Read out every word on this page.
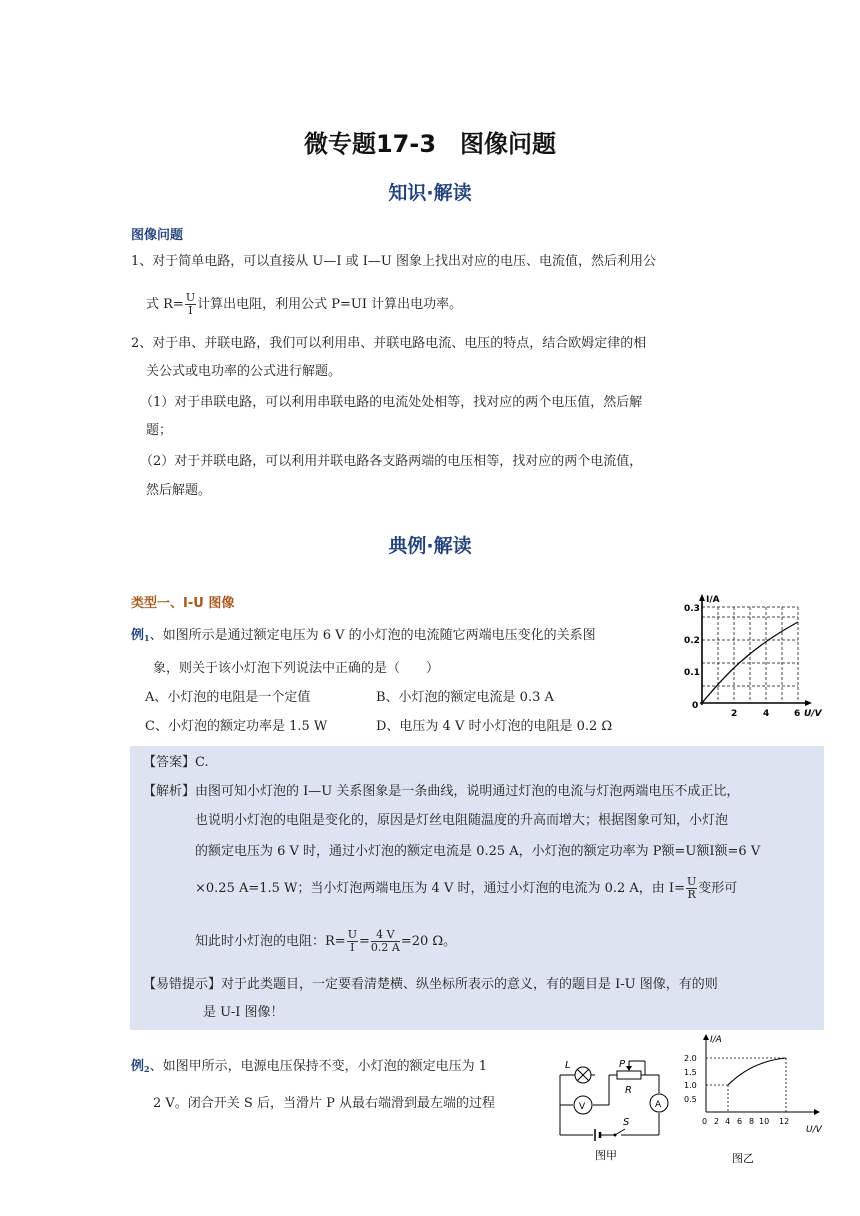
微专题17-3　图像问题
知识·解读
图像问题
1、对于简单电路，可以直接从 U—I 或 I—U 图象上找出对应的电压、电流值，然后利用公
式 $R= \frac{U}{I}$ 计算出电阻，利用公式 P=UI 计算出电功率。
2、对于串、并联电路，我们可以利用串、并联电路电流、电压的特点，结合欧姆定律的相
关公式或电功率的公式进行解题。
（1）对于串联电路，可以利用串联电路的电流处处相等，找对应的两个电压值，然后解
题；
（2）对于并联电路，可以利用并联电路各支路两端的电压相等，找对应的两个电流值，
然后解题。
典例·解读
类型一、I-U 图像
例$_1$、如图所示是通过额定电压为 6 V 的小灯泡的电流随它两端电压变化的关系图
象，则关于该小灯泡下列说法中正确的是（　　）
A、小灯泡的电阻是一个定值	B、小灯泡的额定电流是 0.3 A
C、小灯泡的额定功率是 1.5 W	D、电压为 4 V 时小灯泡的电阻是 0.2 Ω
I/A
0.3
0.2
0.1
0
2	4	6 U/V
【答案】C.
【解析】由图可知小灯泡的 I—U 关系图象是一条曲线，说明通过灯泡的电流与灯泡两端电压不成正比，
也说明小灯泡的电阻是变化的，原因是灯丝电阻随温度的升高而增大；根据图象可知，小灯泡
的额定电压为 6 V 时，通过小灯泡的额定电流是 0.25 A，小灯泡的额定功率为 P额=U额I额=6 V
×0.25 A=1.5 W；当小灯泡两端电压为 4 V 时，通过小灯泡的电流为 0.2 A，由 $I= \frac{U}{R}$ 变形可
知此时小灯泡的电阻：$R= \frac{U}{I} = \frac{4 V}{0.2 A} =20$ Ω。
【易错提示】对于此类题目，一定要看清楚横、纵坐标所表示的意义，有的题目是 I-U 图像，有的则
是 U-I 图像！
例$_2$、如图甲所示，电源电压保持不变，小灯泡的额定电压为 1
2 V。闭合开关 S 后，当滑片 P 从最右端滑到最左端的过程
L
V
P
R
A
S
图甲
I/A
2.0
1.5
1.0
0.5
0 2 4 6 8 10 12
U/V
图乙
